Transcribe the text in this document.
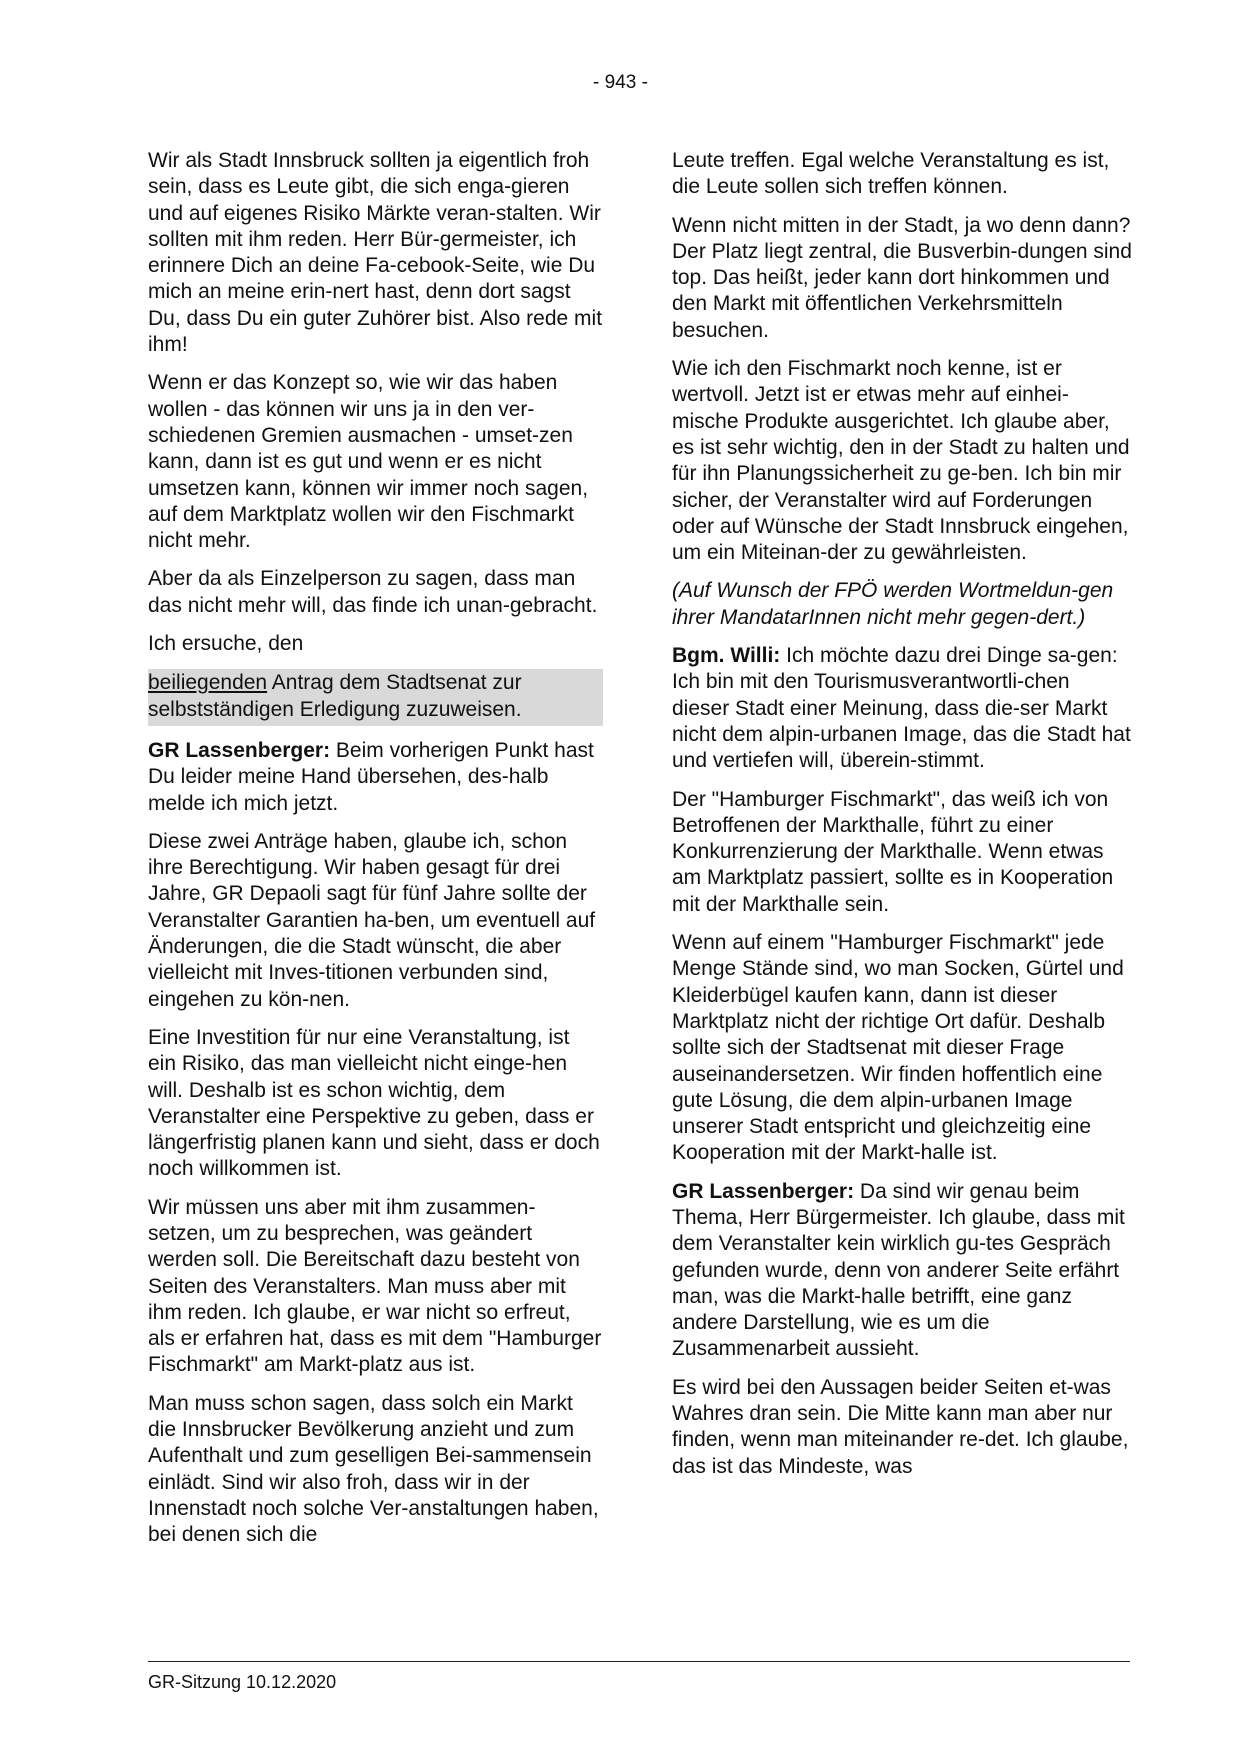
- 943 -

Wir als Stadt Innsbruck sollten ja eigentlich froh sein, dass es Leute gibt, die sich enga-gieren und auf eigenes Risiko Märkte veran-stalten. Wir sollten mit ihm reden. Herr Bür-germeister, ich erinnere Dich an deine Fa-cebook-Seite, wie Du mich an meine erin-nert hast, denn dort sagst Du, dass Du ein guter Zuhörer bist. Also rede mit ihm!

Wenn er das Konzept so, wie wir das haben wollen - das können wir uns ja in den ver-schiedenen Gremien ausmachen - umset-zen kann, dann ist es gut und wenn er es nicht umsetzen kann, können wir immer noch sagen, auf dem Marktplatz wollen wir den Fischmarkt nicht mehr.

Aber da als Einzelperson zu sagen, dass man das nicht mehr will, das finde ich unan-gebracht.

Ich ersuche, den

beiliegenden Antrag dem Stadtsenat zur selbstständigen Erledigung zuzuweisen.

GR Lassenberger: Beim vorherigen Punkt hast Du leider meine Hand übersehen, des-halb melde ich mich jetzt.

Diese zwei Anträge haben, glaube ich, schon ihre Berechtigung. Wir haben gesagt für drei Jahre, GR Depaoli sagt für fünf Jahre sollte der Veranstalter Garantien ha-ben, um eventuell auf Änderungen, die die Stadt wünscht, die aber vielleicht mit Inves-titionen verbunden sind, eingehen zu kön-nen.

Eine Investition für nur eine Veranstaltung, ist ein Risiko, das man vielleicht nicht einge-hen will. Deshalb ist es schon wichtig, dem Veranstalter eine Perspektive zu geben, dass er längerfristig planen kann und sieht, dass er doch noch willkommen ist.

Wir müssen uns aber mit ihm zusammen-setzen, um zu besprechen, was geändert werden soll. Die Bereitschaft dazu besteht von Seiten des Veranstalters. Man muss aber mit ihm reden. Ich glaube, er war nicht so erfreut, als er erfahren hat, dass es mit dem "Hamburger Fischmarkt" am Markt-platz aus ist.

Man muss schon sagen, dass solch ein Markt die Innsbrucker Bevölkerung anzieht und zum Aufenthalt und zum geselligen Bei-sammensein einlädt. Sind wir also froh, dass wir in der Innenstadt noch solche Ver-anstaltungen haben, bei denen sich die

Leute treffen. Egal welche Veranstaltung es ist, die Leute sollen sich treffen können.

Wenn nicht mitten in der Stadt, ja wo denn dann? Der Platz liegt zentral, die Busverbin-dungen sind top. Das heißt, jeder kann dort hinkommen und den Markt mit öffentlichen Verkehrsmitteln besuchen.

Wie ich den Fischmarkt noch kenne, ist er wertvoll. Jetzt ist er etwas mehr auf einhei-mische Produkte ausgerichtet. Ich glaube aber, es ist sehr wichtig, den in der Stadt zu halten und für ihn Planungssicherheit zu ge-ben. Ich bin mir sicher, der Veranstalter wird auf Forderungen oder auf Wünsche der Stadt Innsbruck eingehen, um ein Miteinan-der zu gewährleisten.

(Auf Wunsch der FPÖ werden Wortmeldun-gen ihrer MandatarInnen nicht mehr gegen-dert.)

Bgm. Willi: Ich möchte dazu drei Dinge sa-gen: Ich bin mit den Tourismusverantwortli-chen dieser Stadt einer Meinung, dass die-ser Markt nicht dem alpin-urbanen Image, das die Stadt hat und vertiefen will, überein-stimmt.

Der "Hamburger Fischmarkt", das weiß ich von Betroffenen der Markthalle, führt zu einer Konkurrenzierung der Markthalle. Wenn etwas am Marktplatz passiert, sollte es in Kooperation mit der Markthalle sein.

Wenn auf einem "Hamburger Fischmarkt" jede Menge Stände sind, wo man Socken, Gürtel und Kleiderbügel kaufen kann, dann ist dieser Marktplatz nicht der richtige Ort dafür. Deshalb sollte sich der Stadtsenat mit dieser Frage auseinandersetzen. Wir finden hoffentlich eine gute Lösung, die dem alpin-urbanen Image unserer Stadt entspricht und gleichzeitig eine Kooperation mit der Markt-halle ist.

GR Lassenberger: Da sind wir genau beim Thema, Herr Bürgermeister. Ich glaube, dass mit dem Veranstalter kein wirklich gu-tes Gespräch gefunden wurde, denn von anderer Seite erfährt man, was die Markt-halle betrifft, eine ganz andere Darstellung, wie es um die Zusammenarbeit aussieht.

Es wird bei den Aussagen beider Seiten et-was Wahres dran sein. Die Mitte kann man aber nur finden, wenn man miteinander re-det. Ich glaube, das ist das Mindeste, was

GR-Sitzung 10.12.2020
